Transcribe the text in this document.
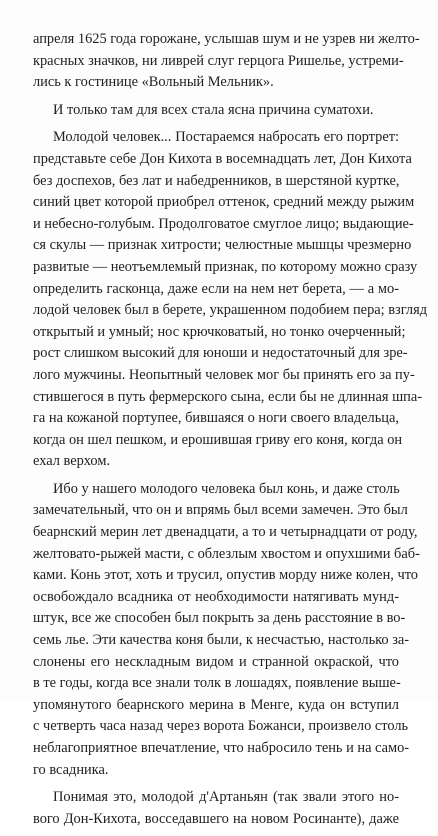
апреля 1625 года горожане, услышав шум и не узрев ни желто-
красных значков, ни ливрей слуг герцога Ришелье, устреми-
лись к гостинице «Вольный Мельник».
И только там для всех стала ясна причина суматохи.
Молодой человек... Постараемся набросать его портрет:
представьте себе Дон Кихота в восемнадцать лет, Дон Кихота
без доспехов, без лат и набедренников, в шерстяной куртке,
синий цвет которой приобрел оттенок, средний между рыжим
и небесно-голубым. Продолговатое смуглое лицо; выдающие-
ся скулы — признак хитрости; челюстные мышцы чрезмерно
развитые — неотъемлемый признак, по которому можно сразу
определить гасконца, даже если на нем нет берета, — а мо-
лодой человек был в берете, украшенном подобием пера; взгляд
открытый и умный; нос крючковатый, но тонко очерченный;
рост слишком высокий для юноши и недостаточный для зре-
лого мужчины. Неопытный человек мог бы принять его за пу-
стившегося в путь фермерского сына, если бы не длинная шпа-
га на кожаной портупее, бившаяся о ноги своего владельца,
когда он шел пешком, и ерошившая гриву его коня, когда он
ехал верхом.
Ибо у нашего молодого человека был конь, и даже столь
замечательный, что он и впрямь был всеми замечен. Это был
беарнский мерин лет двенадцати, а то и четырнадцати от роду,
желтовато-рыжей масти, с облезлым хвостом и опухшими баб-
ками. Конь этот, хоть и трусил, опустив морду ниже колен, что
освобождало всадника от необходимости натягивать мунд-
штук, все же способен был покрыть за день расстояние в во-
семь лье. Эти качества коня были, к несчастью, настолько за-
слонены его нескладным видом и странной окраской, что
в те годы, когда все знали толк в лошадях, появление выше-
упомянутого беарнского мерина в Менге, куда он вступил
с четверть часа назад через ворота Божанси, произвело столь
неблагоприятное впечатление, что набросило тень и на само-
го всадника.
Понимая это, молодой д'Артаньян (так звали этого но-
вого Дон-Кихота, восседавшего на новом Росинанте), даже
